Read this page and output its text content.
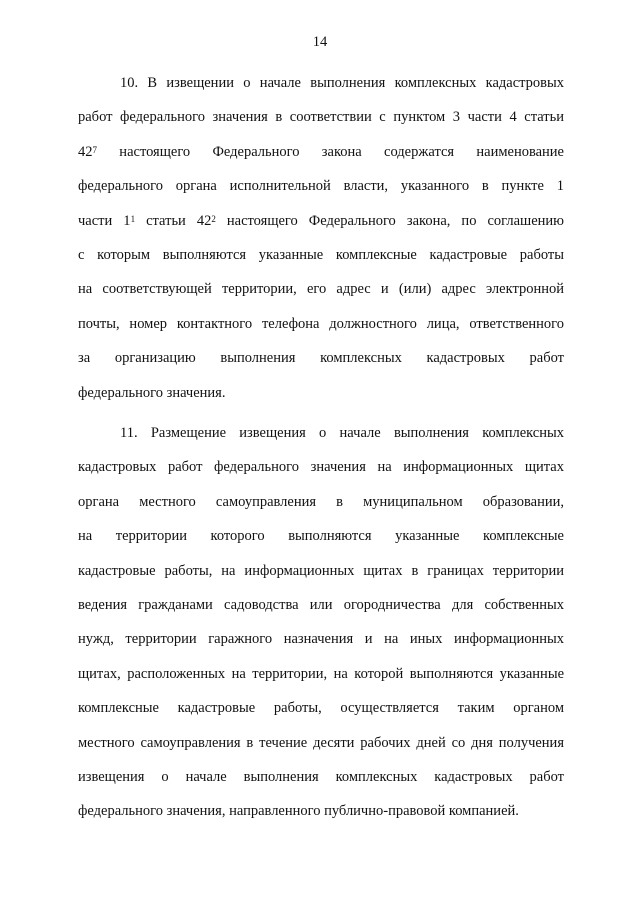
14
10. В извещении о начале выполнения комплексных кадастровых
работ федерального значения в соответствии с пунктом 3 части 4 статьи
$42^7$ настоящего Федерального закона содержатся наименование
федерального органа исполнительной власти, указанного в пункте 1
части $1^1$ статьи $42^2$ настоящего Федерального закона, по соглашению
с которым выполняются указанные комплексные кадастровые работы
на соответствующей территории, его адрес и (или) адрес электронной
почты, номер контактного телефона должностного лица, ответственного
за организацию выполнения комплексных кадастровых работ
федерального значения.
11. Размещение извещения о начале выполнения комплексных
кадастровых работ федерального значения на информационных щитах
органа местного самоуправления в муниципальном образовании,
на территории которого выполняются указанные комплексные
кадастровые работы, на информационных щитах в границах территории
ведения гражданами садоводства или огородничества для собственных
нужд, территории гаражного назначения и на иных информационных
щитах, расположенных на территории, на которой выполняются указанные
комплексные кадастровые работы, осуществляется таким органом
местного самоуправления в течение десяти рабочих дней со дня получения
извещения о начале выполнения комплексных кадастровых работ
федерального значения, направленного публично-правовой компанией.
